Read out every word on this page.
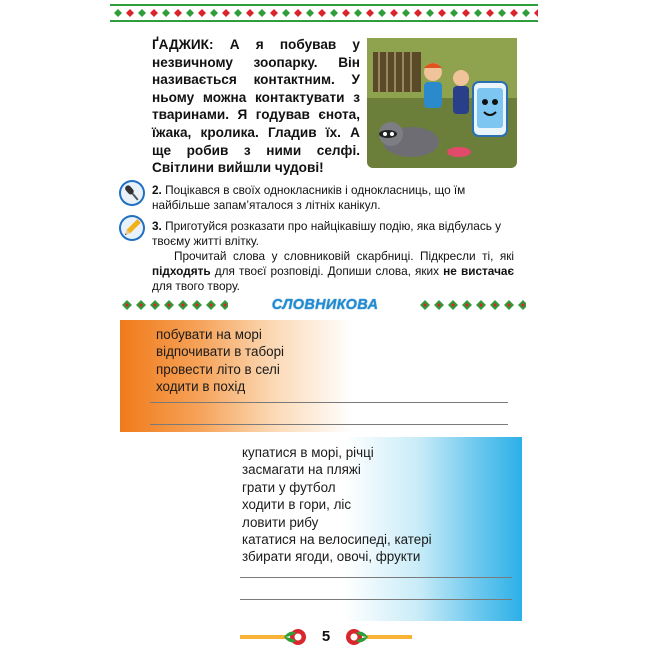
ҐАДЖИК: А я побував у незвичному зоопарку. Він називається контактним. У ньому можна контактувати з тваринами. Я годував єнота, їжака, кролика. Гладив їх. А ще робив з ними селфі. Світлини вийшли чудові!
2. Поцікався в своїх однокласників і однокласниць, що їм найбільше запам’яталося з літніх канікул.
3. Приготуйся розказати про найцікавішу подію, яка відбулась у твоєму житті влітку.
Прочитай слова у словниковій скарбниці. Підкресли ті, які підходять для твоєї розповіді. Допиши слова, яких не вистачає для твого твору.
СЛОВНИКОВА
побувати на морі
відпочивати в таборі
провести літо в селі
ходити в похід
купатися в морі, річці
засмагати на пляжі
грати у футбол
ходити в гори, ліс
ловити рибу
кататися на велосипеді, катері
збирати ягоди, овочі, фрукти
5
